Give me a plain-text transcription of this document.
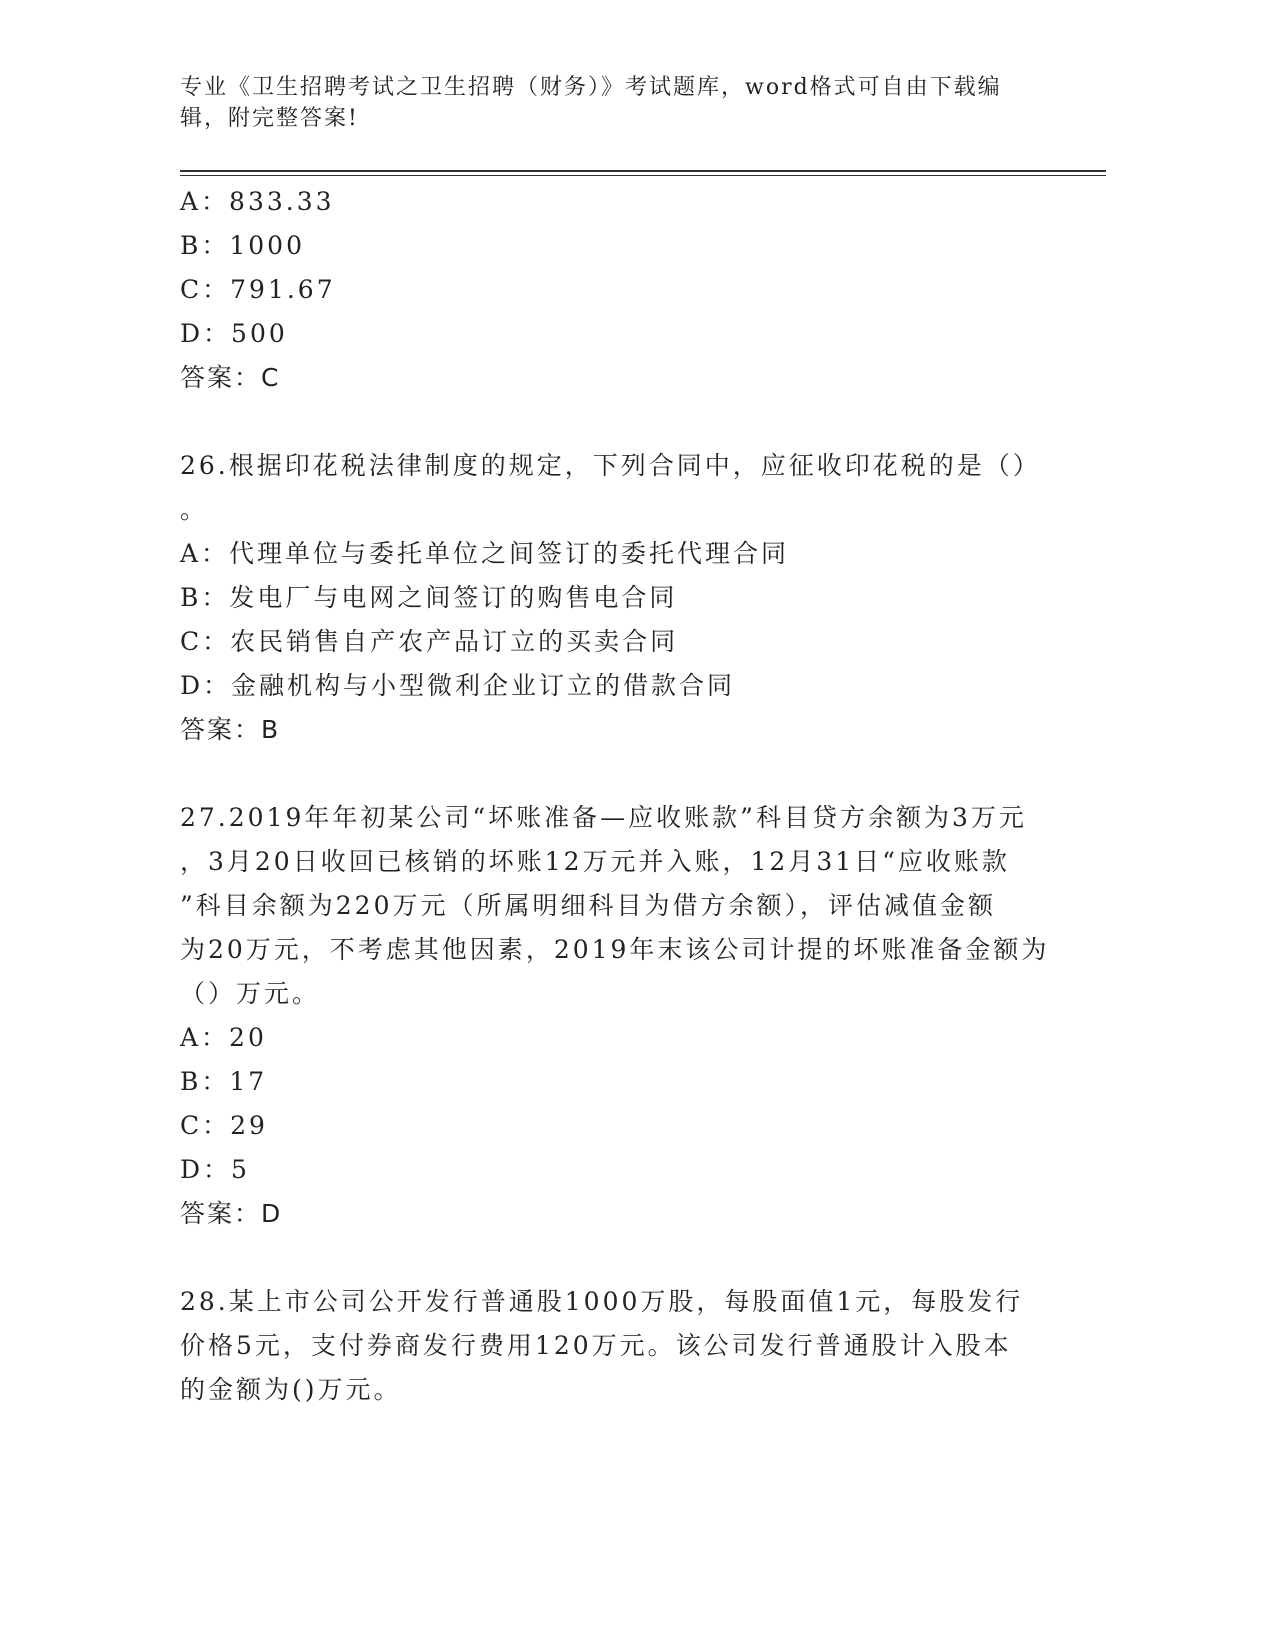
专业《卫生招聘考试之卫生招聘（财务）》考试题库，word格式可自由下载编辑，附完整答案!
A：833.33
B：1000
C：791.67
D：500
答案：C
26.根据印花税法律制度的规定，下列合同中，应征收印花税的是（）
。
A：代理单位与委托单位之间签订的委托代理合同
B：发电厂与电网之间签订的购售电合同
C：农民销售自产农产品订立的买卖合同
D：金融机构与小型微利企业订立的借款合同
答案：B
27.2019年年初某公司“坏账准备—应收账款”科目贷方余额为3万元
，3月20日收回已核销的坏账12万元并入账，12月31日“应收账款
”科目余额为220万元（所属明细科目为借方余额），评估减值金额
为20万元，不考虑其他因素，2019年末该公司计提的坏账准备金额为
（）万元。
A：20
B：17
C：29
D：5
答案：D
28.某上市公司公开发行普通股1000万股，每股面值1元，每股发行
价格5元，支付券商发行费用120万元。该公司发行普通股计入股本
的金额为()万元。
